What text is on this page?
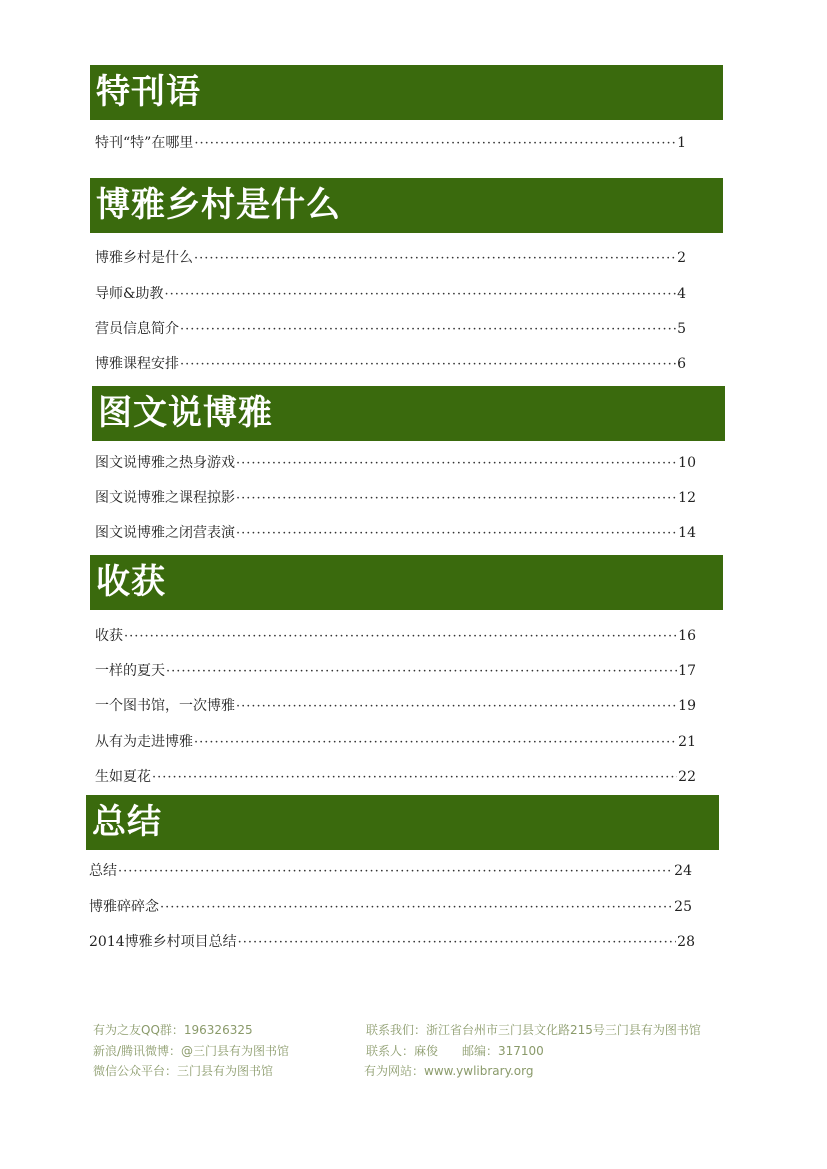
特刊语
特刊“特”在哪里 ·····	1
博雅乡村是什么
博雅乡村是什么 ·····	2
导师&助教 ·····	4
营员信息简介 ·····	5
博雅课程安排 ·····	6
图文说博雅
图文说博雅之热身游戏 ·····	10
图文说博雅之课程掠影 ·····	12
图文说博雅之闭营表演 ·····	14
收获
收获 ·····	16
一样的夏天 ·····	17
一个图书馆，一次博雅 ·····	19
从有为走进博雅 ·····	21
生如夏花 ·····	22
总结
总结 ·····	24
博雅碎碎念 ·····	25
2014博雅乡村项目总结 ·····	28
有为之友QQ群：196326325
新浪/腾讯微博：@三门县有为图书馆
微信公众平台：三门县有为图书馆
联系我们：浙江省台州市三门县文化路215号三门县有为图书馆
联系人：麻俊　　邮编：317100
有为网站：www.ywlibrary.org
